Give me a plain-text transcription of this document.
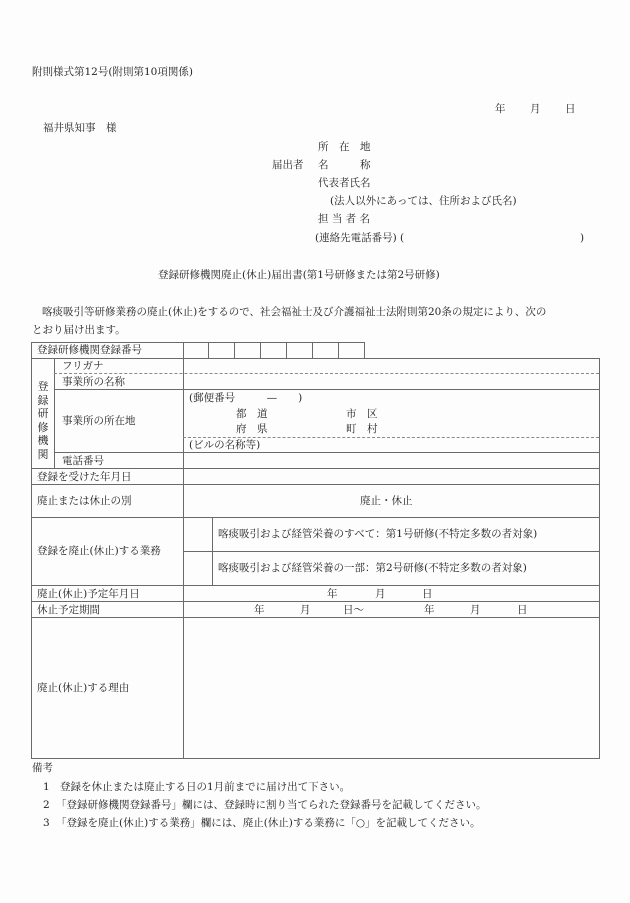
附則様式第12号(附則第10項関係)
年 月 日
福井県知事　様
所　在　地
届出者 名　　　称
代表者氏名
(法人以外にあっては、住所および氏名)
担 当 者 名
(連絡先電話番号) (	)
登録研修機関廃止(休止)届出書(第1号研修または第2号研修)
喀痰吸引等研修業務の廃止(休止)をするので、社会福祉士及び介護福祉士法附則第20条の規定により、次の
とおり届け出ます。
登録研修機関登録番号
登録研修機関
フリガナ
事業所の名称
事業所の所在地
(郵便番号　　　—　　)
都　道
府　県
市　区
町　村
(ビルの名称等)
電話番号
登録を受けた年月日
廃止または休止の別	廃止・休止
登録を廃止(休止)する業務
喀痰吸引および経管栄養のすべて：第1号研修(不特定多数の者対象)
喀痰吸引および経管栄養の一部：第2号研修(不特定多数の者対象)
廃止(休止)予定年月日	年	月	日
休止予定期間	年	月	日〜	年	月	日
廃止(休止)する理由
備考
1 登録を休止または廃止する日の1月前までに届け出て下さい。
2 「登録研修機関登録番号」欄には、登録時に割り当てられた登録番号を記載してください。
3 「登録を廃止(休止)する業務」欄には、廃止(休止)する業務に「○」を記載してください。
